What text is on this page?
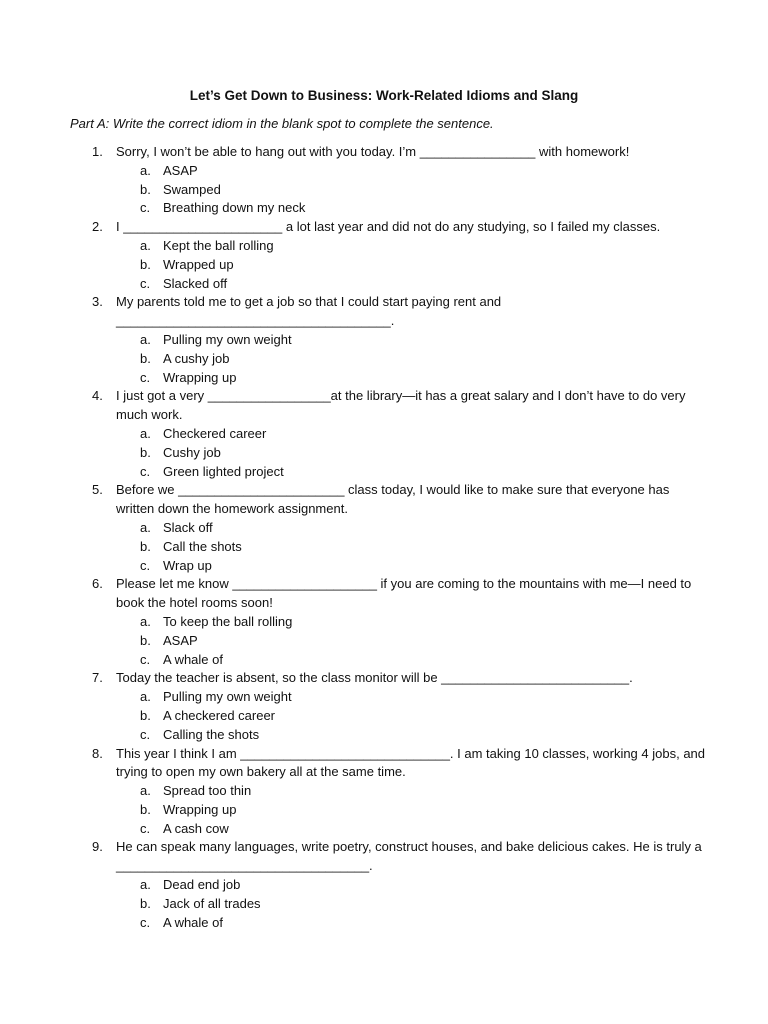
Let’s Get Down to Business: Work-Related Idioms and Slang
Part A: Write the correct idiom in the blank spot to complete the sentence.
1. Sorry, I won’t be able to hang out with you today. I’m ________________ with homework!
a. ASAP
b. Swamped
c. Breathing down my neck
2. I ______________________ a lot last year and did not do any studying, so I failed my classes.
a. Kept the ball rolling
b. Wrapped up
c. Slacked off
3. My parents told me to get a job so that I could start paying rent and
______________________________________.
a. Pulling my own weight
b. A cushy job
c. Wrapping up
4. I just got a very _________________at the library—it has a great salary and I don’t have to do very
much work.
a. Checkered career
b. Cushy job
c. Green lighted project
5. Before we _______________________ class today, I would like to make sure that everyone has
written down the homework assignment.
a. Slack off
b. Call the shots
c. Wrap up
6. Please let me know ____________________ if you are coming to the mountains with me—I need to
book the hotel rooms soon!
a. To keep the ball rolling
b. ASAP
c. A whale of
7. Today the teacher is absent, so the class monitor will be __________________________.
a. Pulling my own weight
b. A checkered career
c. Calling the shots
8. This year I think I am _____________________________. I am taking 10 classes, working 4 jobs, and
trying to open my own bakery all at the same time.
a. Spread too thin
b. Wrapping up
c. A cash cow
9. He can speak many languages, write poetry, construct houses, and bake delicious cakes. He is truly a
___________________________________.
a. Dead end job
b. Jack of all trades
c. A whale of
